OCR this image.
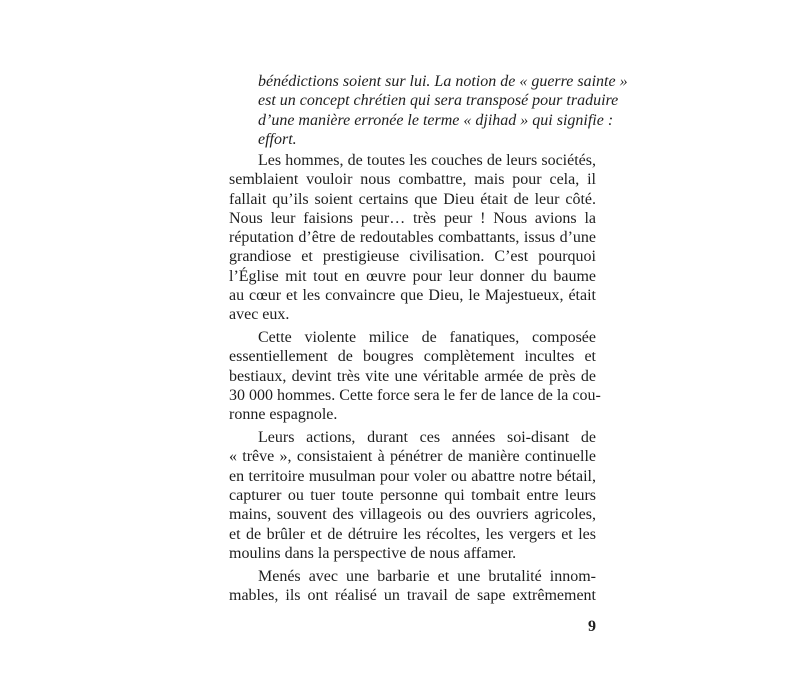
bénédictions soient sur lui. La notion de « guerre sainte »
est un concept chrétien qui sera transposé pour traduire
d’une manière erronée le terme « djihad » qui signifie :
effort.
Les hommes, de toutes les couches de leurs sociétés,
semblaient vouloir nous combattre, mais pour cela, il
fallait qu’ils soient certains que Dieu était de leur côté.
Nous leur faisions peur… très peur ! Nous avions la
réputation d’être de redoutables combattants, issus d’une
grandiose et prestigieuse civilisation. C’est pourquoi
l’Église mit tout en œuvre pour leur donner du baume
au cœur et les convaincre que Dieu, le Majestueux, était
avec eux.
Cette violente milice de fanatiques, composée
essentiellement de bougres complètement incultes et
bestiaux, devint très vite une véritable armée de près de
30 000 hommes. Cette force sera le fer de lance de la cou-
ronne espagnole.
Leurs actions, durant ces années soi-disant de
« trêve », consistaient à pénétrer de manière continuelle
en territoire musulman pour voler ou abattre notre bétail,
capturer ou tuer toute personne qui tombait entre leurs
mains, souvent des villageois ou des ouvriers agricoles,
et de brûler et de détruire les récoltes, les vergers et les
moulins dans la perspective de nous affamer.
Menés avec une barbarie et une brutalité innom-
mables, ils ont réalisé un travail de sape extrêmement
9
